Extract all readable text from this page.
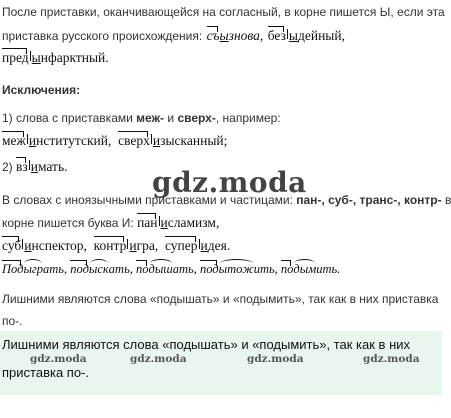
После приставки, оканчивающейся на согласный, в корне пишется Ы, если эта
приставка русского происхождения: съызнова, без ыдейный,
пред ынфарктный.
Исключения:
1) слова с приставками меж- и сверх-, например:
меж институтский, сверх изысканный;
2) вз имать.	gdz.moda
В словах с иноязычными приставками и частицами: пан-, суб-, транс-, контр- в
корне пишется буква И: пан исламизм,
суб инспектор, контр игра, супер идея.
Подыграть, подыскать, подышать, подытожить, подымить.
Лишними являются слова «подышать» и «подымить», так как в них приставка
по-.
Лишними являются слова «подышать» и «подымить», так как в них
gdz.moda	gdz.moda	gdz.moda	gdz.moda
приставка по-.
